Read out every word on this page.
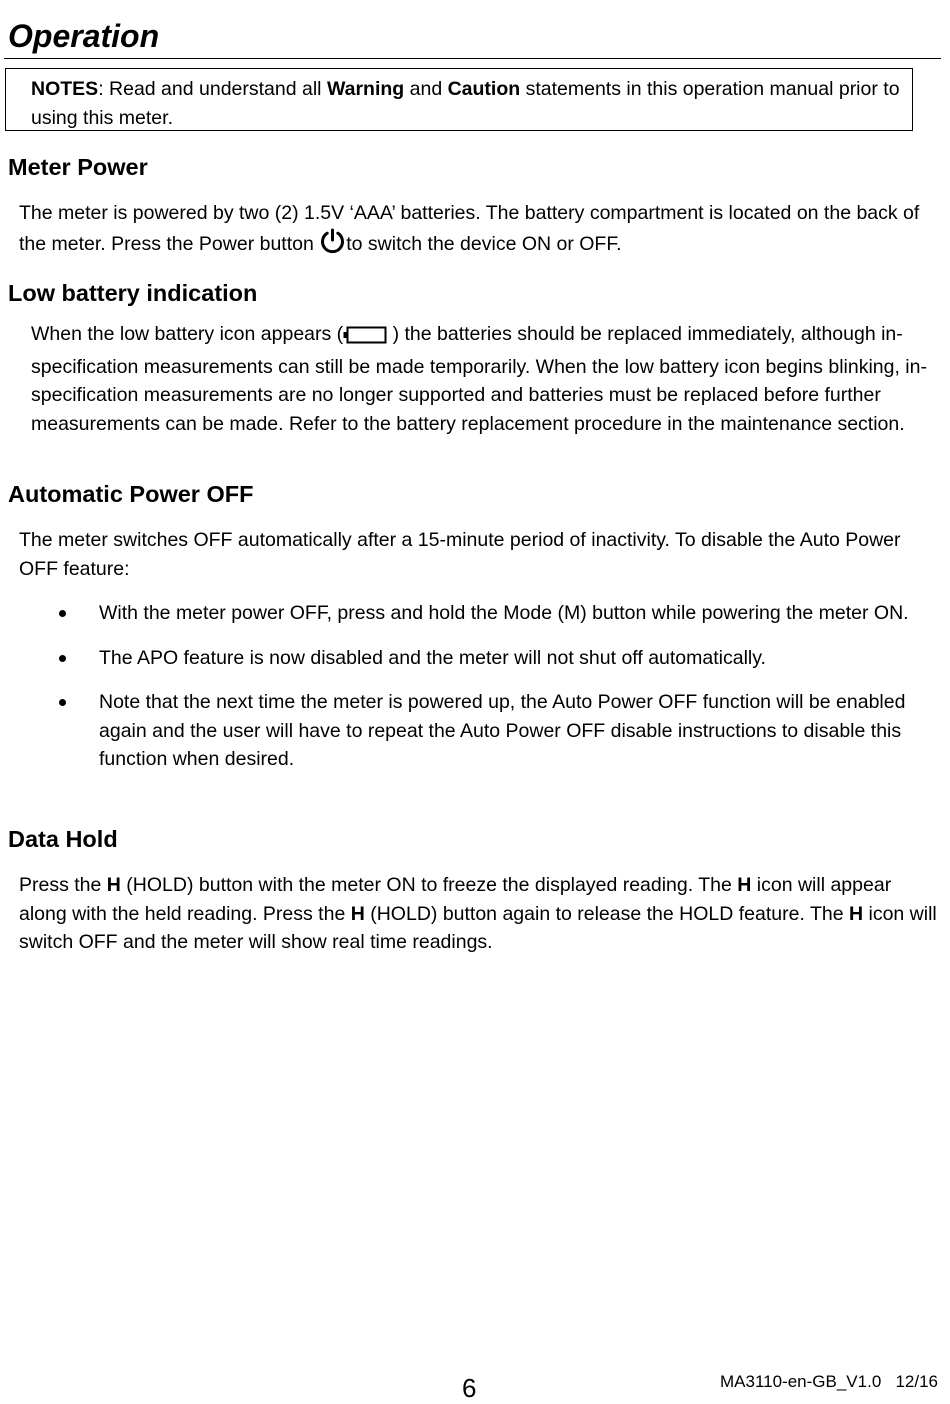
Operation
NOTES: Read and understand all Warning and Caution statements in this operation manual prior to using this meter.
Meter Power

The meter is powered by two (2) 1.5V ‘AAA’ batteries. The battery compartment is located on the back of the meter. Press the Power button to switch the device ON or OFF.

Low battery indication

When the low battery icon appears ( ) the batteries should be replaced immediately, although in-specification measurements can still be made temporarily. When the low battery icon begins blinking, in-specification measurements are no longer supported and batteries must be replaced before further measurements can be made. Refer to the battery replacement procedure in the maintenance section.

Automatic Power OFF

The meter switches OFF automatically after a 15-minute period of inactivity. To disable the Auto Power OFF feature:

With the meter power OFF, press and hold the Mode (M) button while powering the meter ON.
The APO feature is now disabled and the meter will not shut off automatically.
Note that the next time the meter is powered up, the Auto Power OFF function will be enabled again and the user will have to repeat the Auto Power OFF disable instructions to disable this function when desired.
Data Hold

Press the H (HOLD) button with the meter ON to freeze the displayed reading. The H icon will appear along with the held reading. Press the H (HOLD) button again to release the HOLD feature. The H icon will switch OFF and the meter will show real time readings.

6	MA3110-en-GB_V1.0   12/16
